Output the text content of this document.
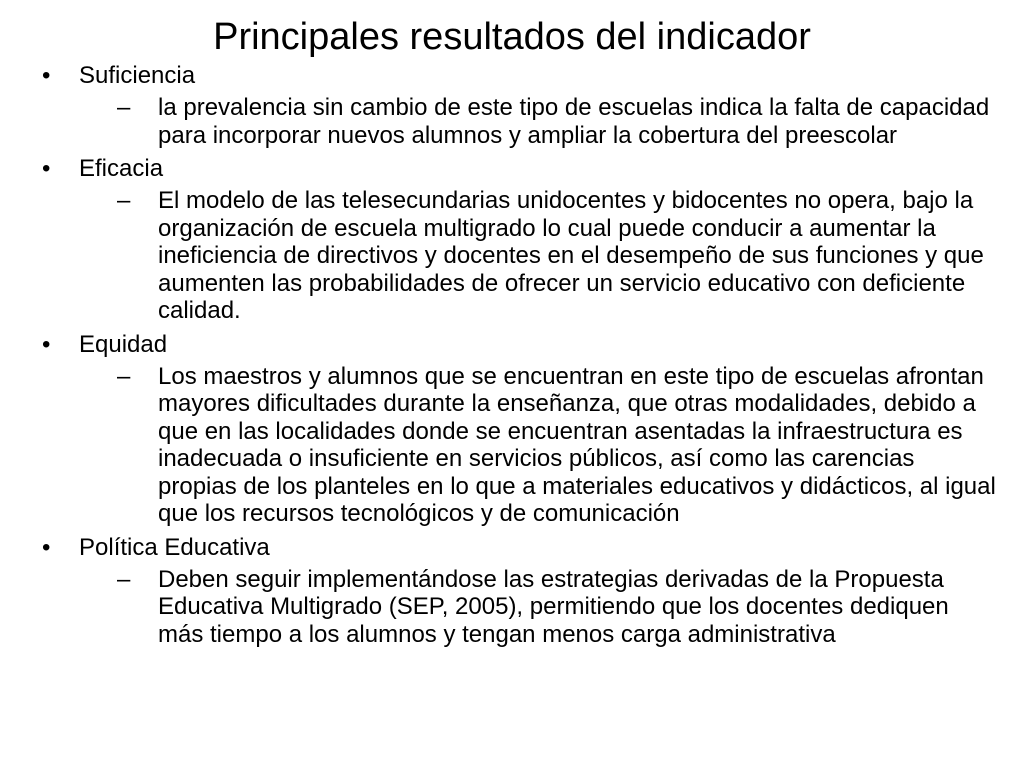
Principales resultados del indicador
• Suficiencia
– la prevalencia sin cambio de este tipo de escuelas indica la falta de capacidad para incorporar nuevos alumnos y ampliar la cobertura del preescolar
• Eficacia
– El modelo de las telesecundarias unidocentes y bidocentes no opera, bajo la organización de escuela multigrado lo cual puede conducir a aumentar la ineficiencia de directivos y docentes en el desempeño de sus funciones y que aumenten las probabilidades de ofrecer un servicio educativo con deficiente calidad.
• Equidad
– Los maestros y alumnos que se encuentran en este tipo de escuelas afrontan mayores dificultades durante la enseñanza, que otras modalidades, debido a que en las localidades donde se encuentran asentadas la infraestructura es inadecuada o insuficiente en servicios públicos, así como las carencias propias de los planteles en lo que a materiales educativos y didácticos, al igual que los recursos tecnológicos y de comunicación
• Política Educativa
– Deben seguir implementándose las estrategias derivadas de la Propuesta Educativa Multigrado (SEP, 2005), permitiendo que los docentes dediquen más tiempo a los alumnos y tengan menos carga administrativa
